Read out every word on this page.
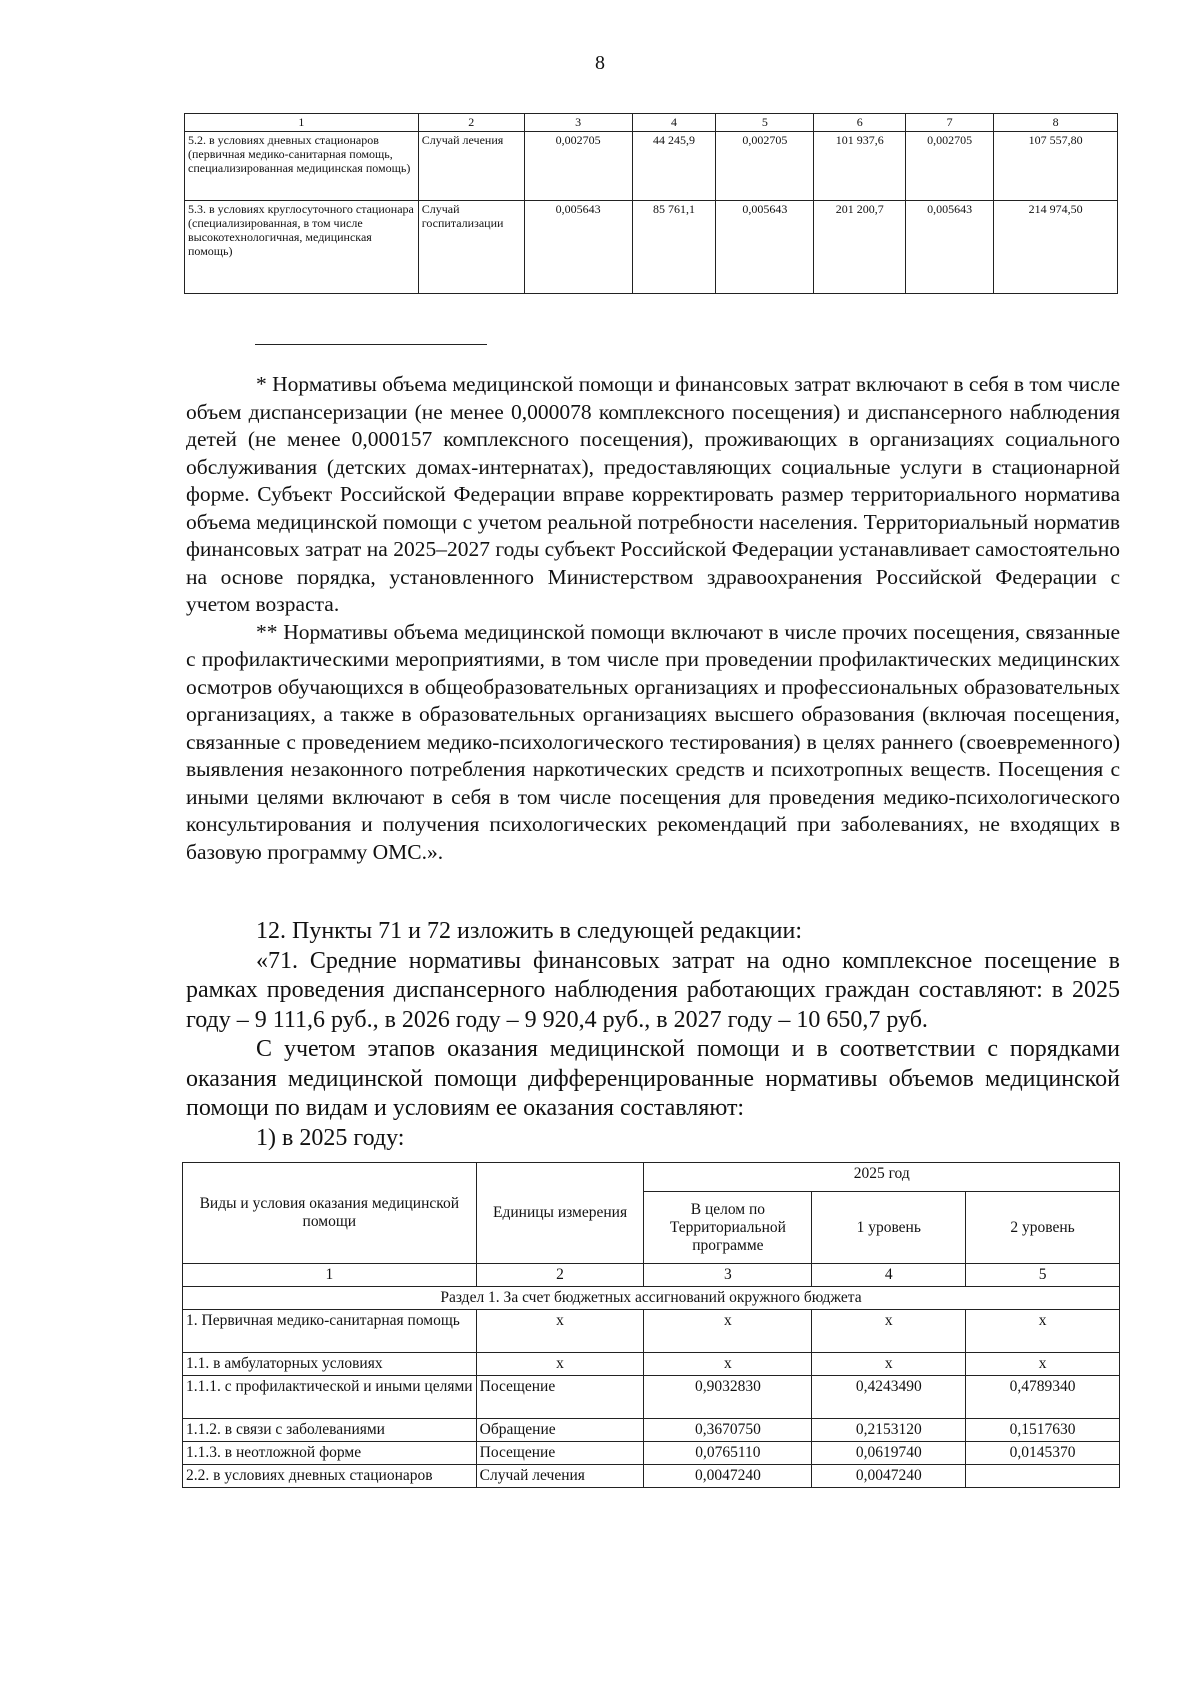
8
1	2	3	4	5	6	7	8
5.2. в условиях дневных стационаров (первичная медико-санитарная помощь, специализированная медицинская помощь)	Случай лечения	0,002705	44 245,9	0,002705	101 937,6	0,002705	107 557,80
5.3. в условиях круглосуточного стационара (специализированная, в том числе высокотехнологичная, медицинская помощь)	Случай госпитализации	0,005643	85 761,1	0,005643	201 200,7	0,005643	214 974,50

* Нормативы объема медицинской помощи и финансовых затрат включают в себя в том числе объем диспансеризации (не менее 0,000078 комплексного посещения) и диспансерного наблюдения детей (не менее 0,000157 комплексного посещения), проживающих в организациях социального обслуживания (детских домах-интернатах), предоставляющих социальные услуги в стационарной форме. Субъект Российской Федерации вправе корректировать размер территориального норматива объема медицинской помощи с учетом реальной потребности населения. Территориальный норматив финансовых затрат на 2025–2027 годы субъект Российской Федерации устанавливает самостоятельно на основе порядка, установленного Министерством здравоохранения Российской Федерации с учетом возраста.

** Нормативы объема медицинской помощи включают в числе прочих посещения, связанные с профилактическими мероприятиями, в том числе при проведении профилактических медицинских осмотров обучающихся в общеобразовательных организациях и профессиональных образовательных организациях, а также в образовательных организациях высшего образования (включая посещения, связанные с проведением медико-психологического тестирования) в целях раннего (своевременного) выявления незаконного потребления наркотических средств и психотропных веществ. Посещения с иными целями включают в себя в том числе посещения для проведения медико-психологического консультирования и получения психологических рекомендаций при заболеваниях, не входящих в базовую программу ОМС.».

12. Пункты 71 и 72 изложить в следующей редакции:

«71. Средние нормативы финансовых затрат на одно комплексное посещение в рамках проведения диспансерного наблюдения работающих граждан составляют: в 2025 году – 9 111,6 руб., в 2026 году – 9 920,4 руб., в 2027 году – 10 650,7 руб.

С учетом этапов оказания медицинской помощи и в соответствии с порядками оказания медицинской помощи дифференцированные нормативы объемов медицинской помощи по видам и условиям ее оказания составляют:

1) в 2025 году:

Виды и условия оказания медицинской помощи	Единицы измерения	2025 год		
		В целом по Территориальной программе	1 уровень	2 уровень
1	2	3	4	5
Раздел 1. За счет бюджетных ассигнований окружного бюджета				
1. Первичная медико-санитарная помощь	х	х	х	х
1.1. в амбулаторных условиях	х	х	х	х
1.1.1. с профилактической и иными целями	Посещение	0,9032830	0,4243490	0,4789340
1.1.2. в связи с заболеваниями	Обращение	0,3670750	0,2153120	0,1517630
1.1.3. в неотложной форме	Посещение	0,0765110	0,0619740	0,0145370
2.2. в условиях дневных стационаров	Случай лечения	0,0047240	0,0047240	
